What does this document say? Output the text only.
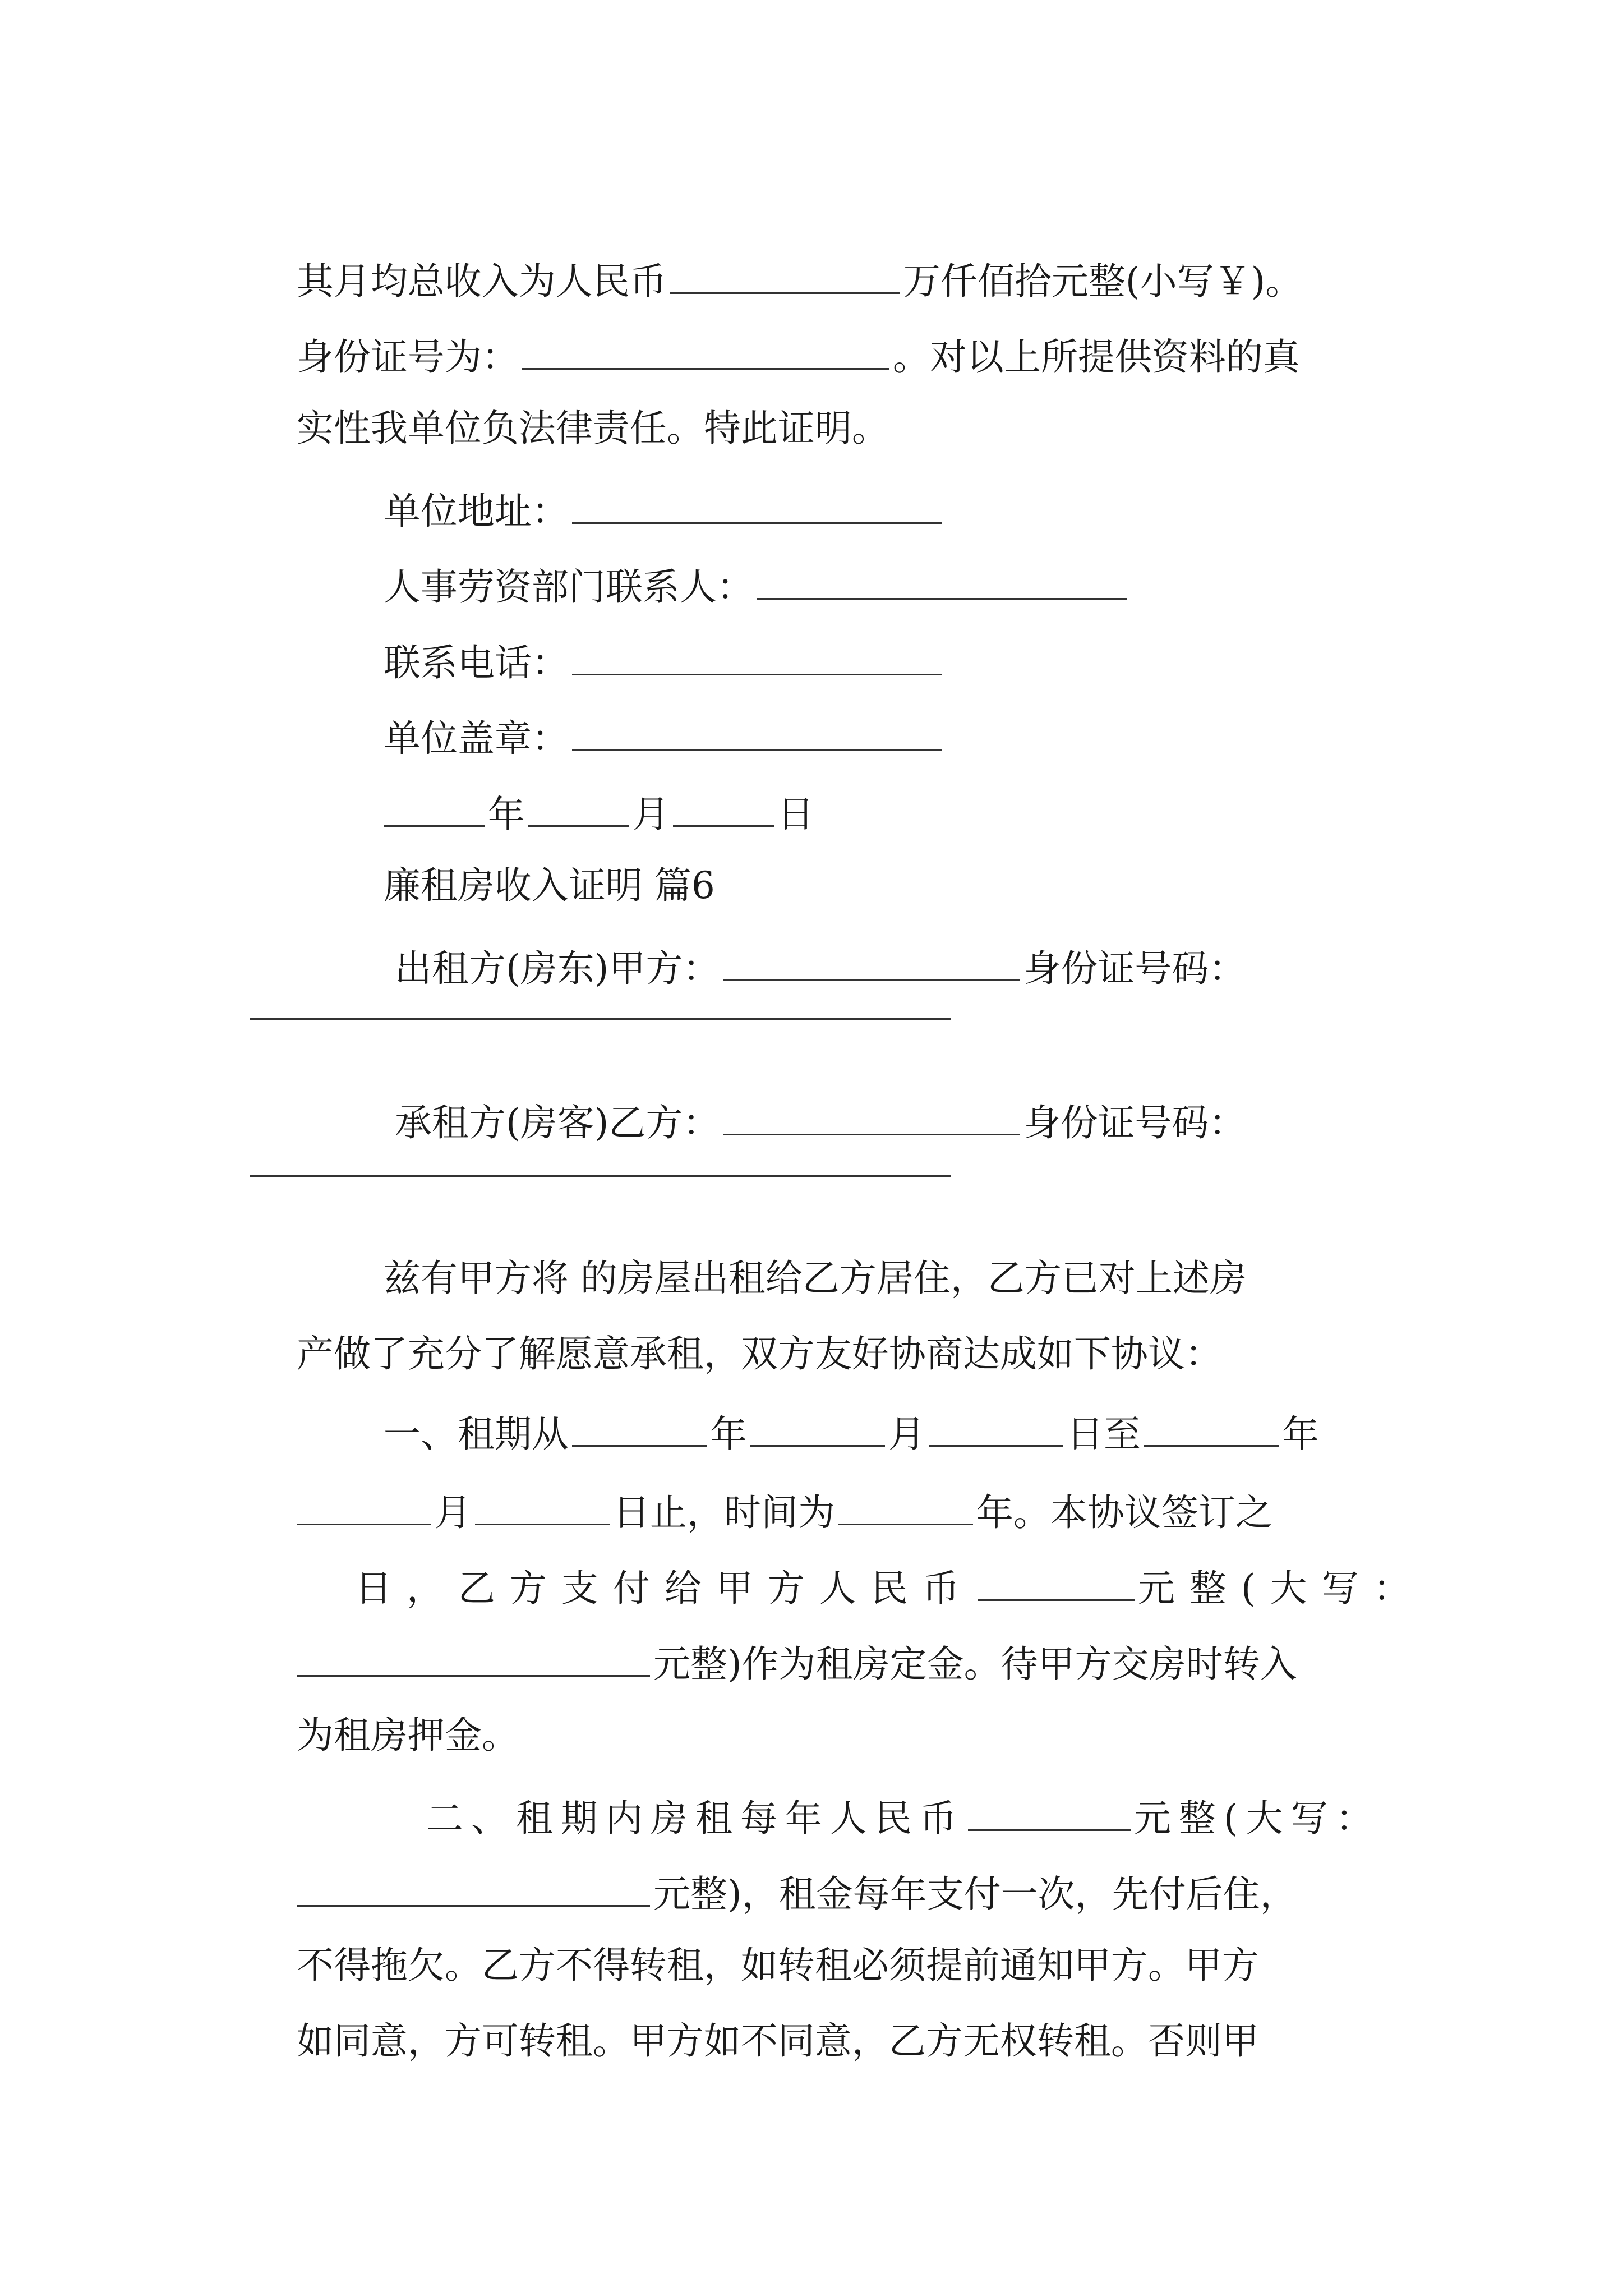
其月均总收入为人民币	万仟佰拾元整(小写￥)。

身份证号为：	。对以上所提供资料的真

实性我单位负法律责任。特此证明。

单位地址：

人事劳资部门联系人：

联系电话：

单位盖章：

年	月	日

廉租房收入证明 篇6

出租方(房东)甲方：	身份证号码：

承租方(房客)乙方：	身份证号码：

兹有甲方将 的房屋出租给乙方居住，乙方已对上述房

产做了充分了解愿意承租，双方友好协商达成如下协议：

一、租期从	年	月	日至	年

月	日止，时间为	年。本协议签订之

日，乙方支付给甲方人民币	元整(大写：

元整)作为租房定金。待甲方交房时转入

为租房押金。

二、租期内房租每年人民币	元整(大写：

元整)，租金每年支付一次，先付后住，

不得拖欠。乙方不得转租，如转租必须提前通知甲方。甲方

如同意，方可转租。甲方如不同意，乙方无权转租。否则甲
